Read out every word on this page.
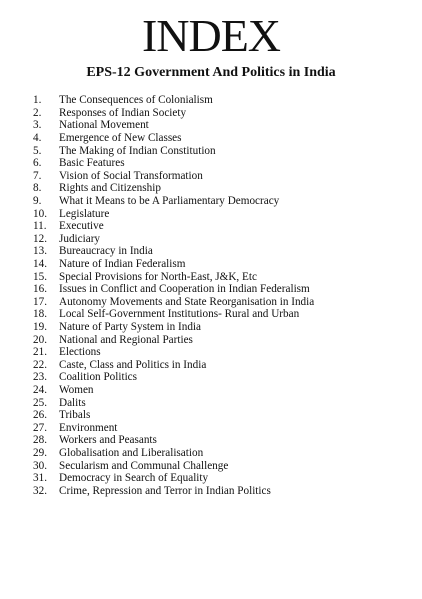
INDEX
EPS-12 Government And Politics in India
1.	The Consequences of Colonialism
2.	Responses of Indian Society
3.	National Movement
4.	Emergence of New Classes
5.	The Making of Indian Constitution
6.	Basic Features
7.	Vision of Social Transformation
8.	Rights and Citizenship
9.	What it Means to be A Parliamentary Democracy
10.	Legislature
11.	Executive
12.	Judiciary
13.	Bureaucracy in India
14.	Nature of Indian Federalism
15.	Special Provisions for North-East, J&K, Etc
16.	Issues in Conflict and Cooperation in Indian Federalism
17.	Autonomy Movements and State Reorganisation in India
18.	Local Self-Government Institutions- Rural and Urban
19.	Nature of Party System in India
20.	National and Regional Parties
21.	Elections
22.	Caste, Class and Politics in India
23.	Coalition Politics
24.	Women
25.	Dalits
26.	Tribals
27.	Environment
28.	Workers and Peasants
29.	Globalisation and Liberalisation
30.	Secularism and Communal Challenge
31.	Democracy in Search of Equality
32.	Crime, Repression and Terror in Indian Politics
